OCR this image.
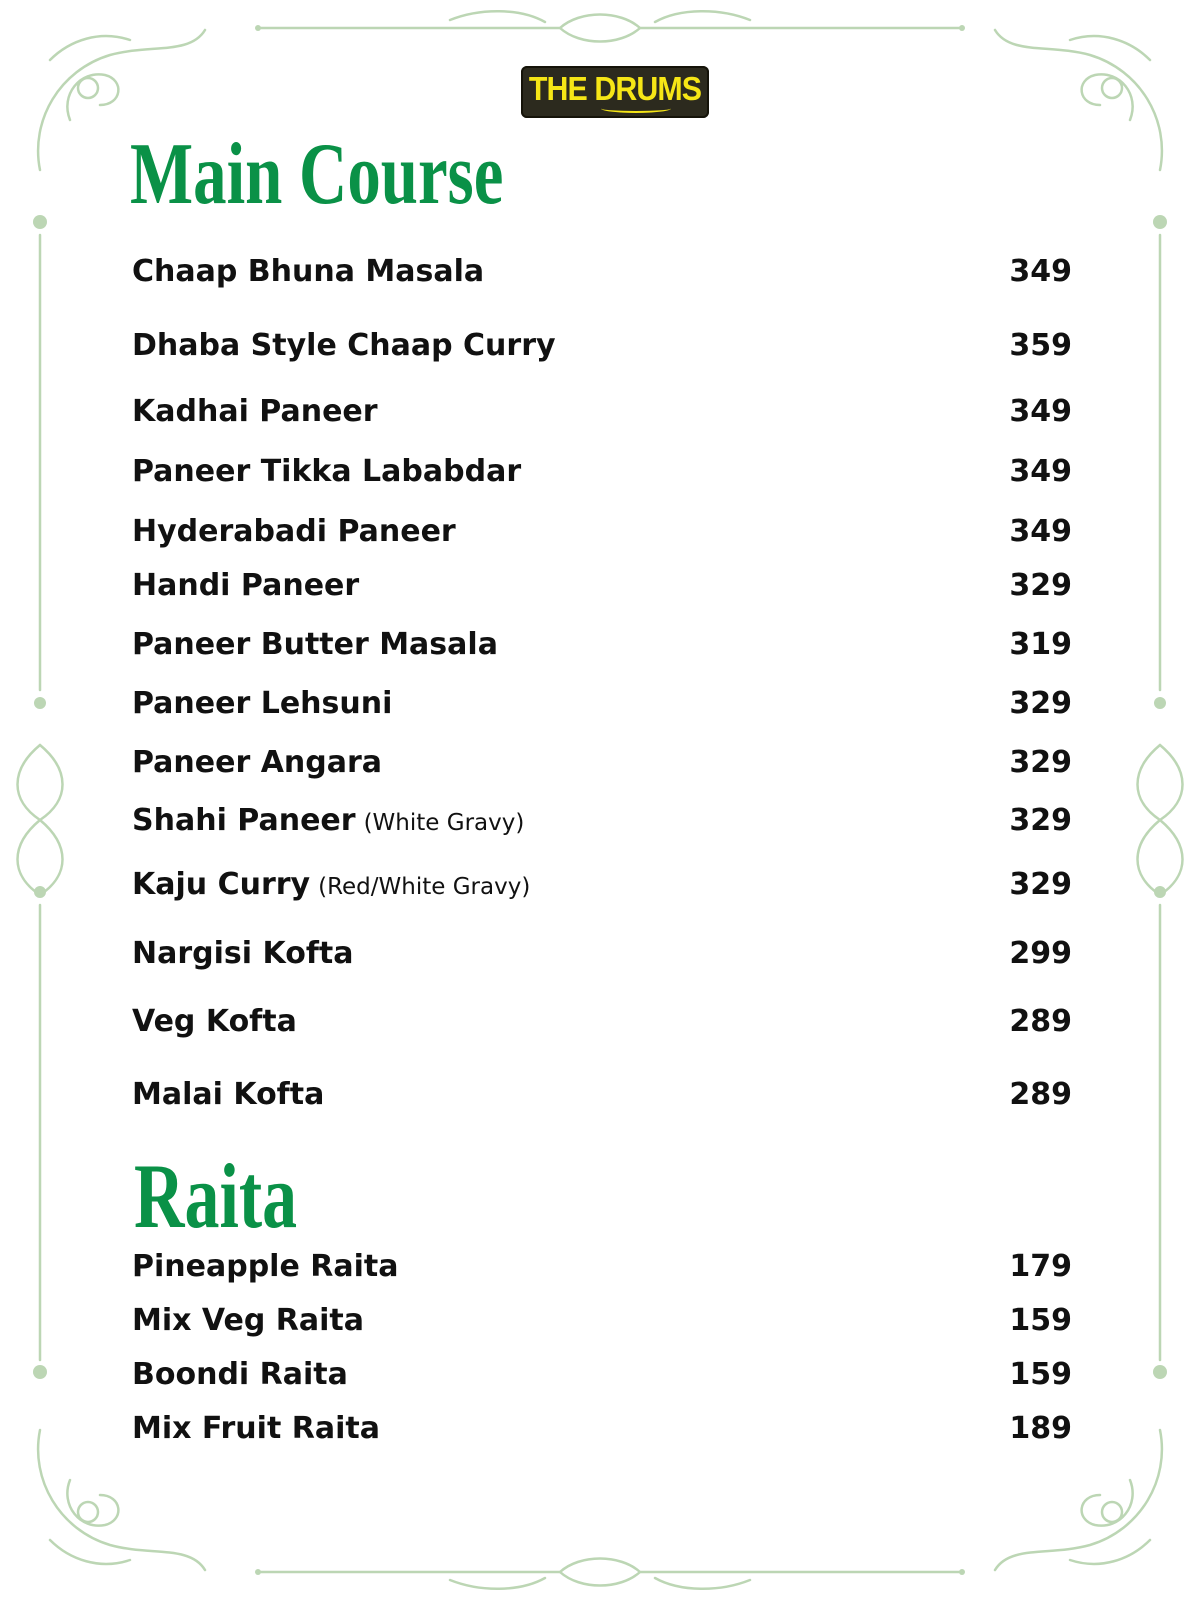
THE DRUMS
Main Course
Chaap Bhuna Masala	349
Dhaba Style Chaap Curry	359
Kadhai Paneer	349
Paneer Tikka Lababdar	349
Hyderabadi Paneer	349
Handi Paneer	329
Paneer Butter Masala	319
Paneer Lehsuni	329
Paneer Angara	329
Shahi Paneer (White Gravy)	329
Kaju Curry (Red/White Gravy)	329
Nargisi Kofta	299
Veg Kofta	289
Malai Kofta	289
Raita
Pineapple Raita	179
Mix Veg Raita	159
Boondi Raita	159
Mix Fruit Raita	189
